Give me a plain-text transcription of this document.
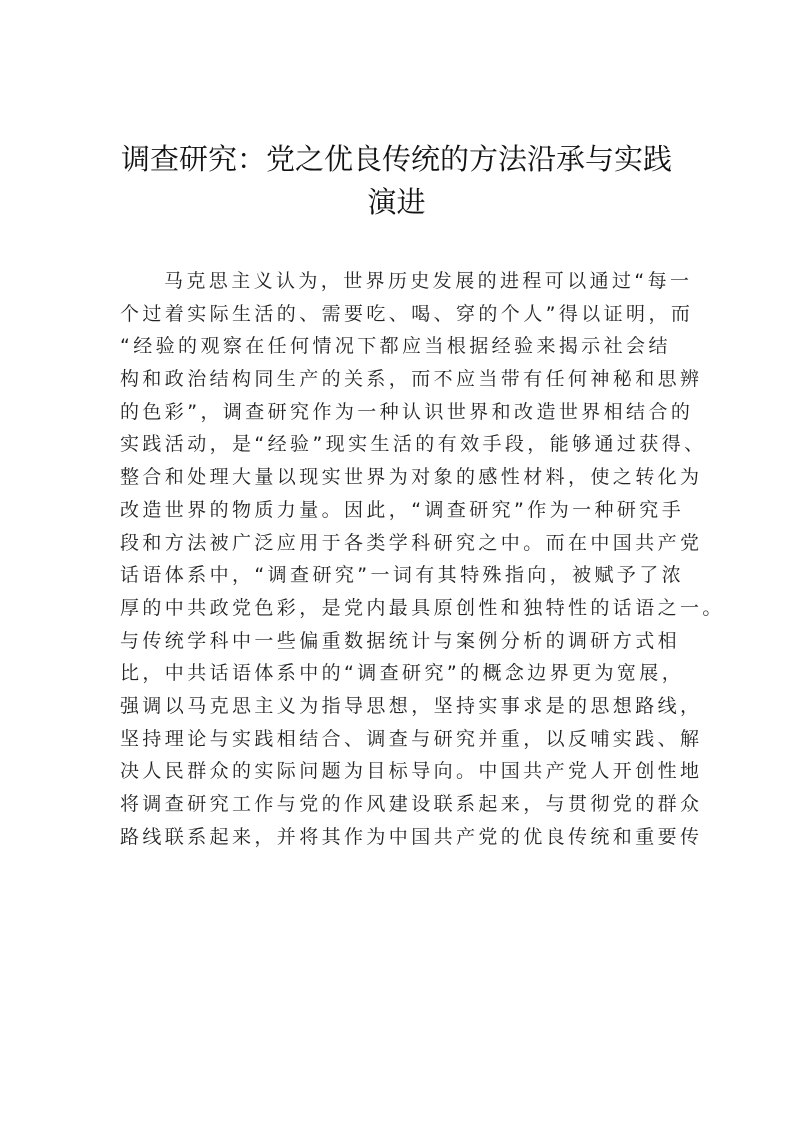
调查研究：党之优良传统的方法沿承与实践
演进
马克思主义认为，世界历史发展的进程可以通过“每一
个过着实际生活的、需要吃、喝、穿的个人”得以证明，而
“经验的观察在任何情况下都应当根据经验来揭示社会结
构和政治结构同生产的关系，而不应当带有任何神秘和思辨
的色彩”，调查研究作为一种认识世界和改造世界相结合的
实践活动，是“经验”现实生活的有效手段，能够通过获得、
整合和处理大量以现实世界为对象的感性材料，使之转化为
改造世界的物质力量。因此，“调查研究”作为一种研究手
段和方法被广泛应用于各类学科研究之中。而在中国共产党
话语体系中，“调查研究”一词有其特殊指向，被赋予了浓
厚的中共政党色彩，是党内最具原创性和独特性的话语之一。
与传统学科中一些偏重数据统计与案例分析的调研方式相
比，中共话语体系中的“调查研究”的概念边界更为宽展，
强调以马克思主义为指导思想，坚持实事求是的思想路线，
坚持理论与实践相结合、调查与研究并重，以反哺实践、解
决人民群众的实际问题为目标导向。中国共产党人开创性地
将调查研究工作与党的作风建设联系起来，与贯彻党的群众
路线联系起来，并将其作为中国共产党的优良传统和重要传
